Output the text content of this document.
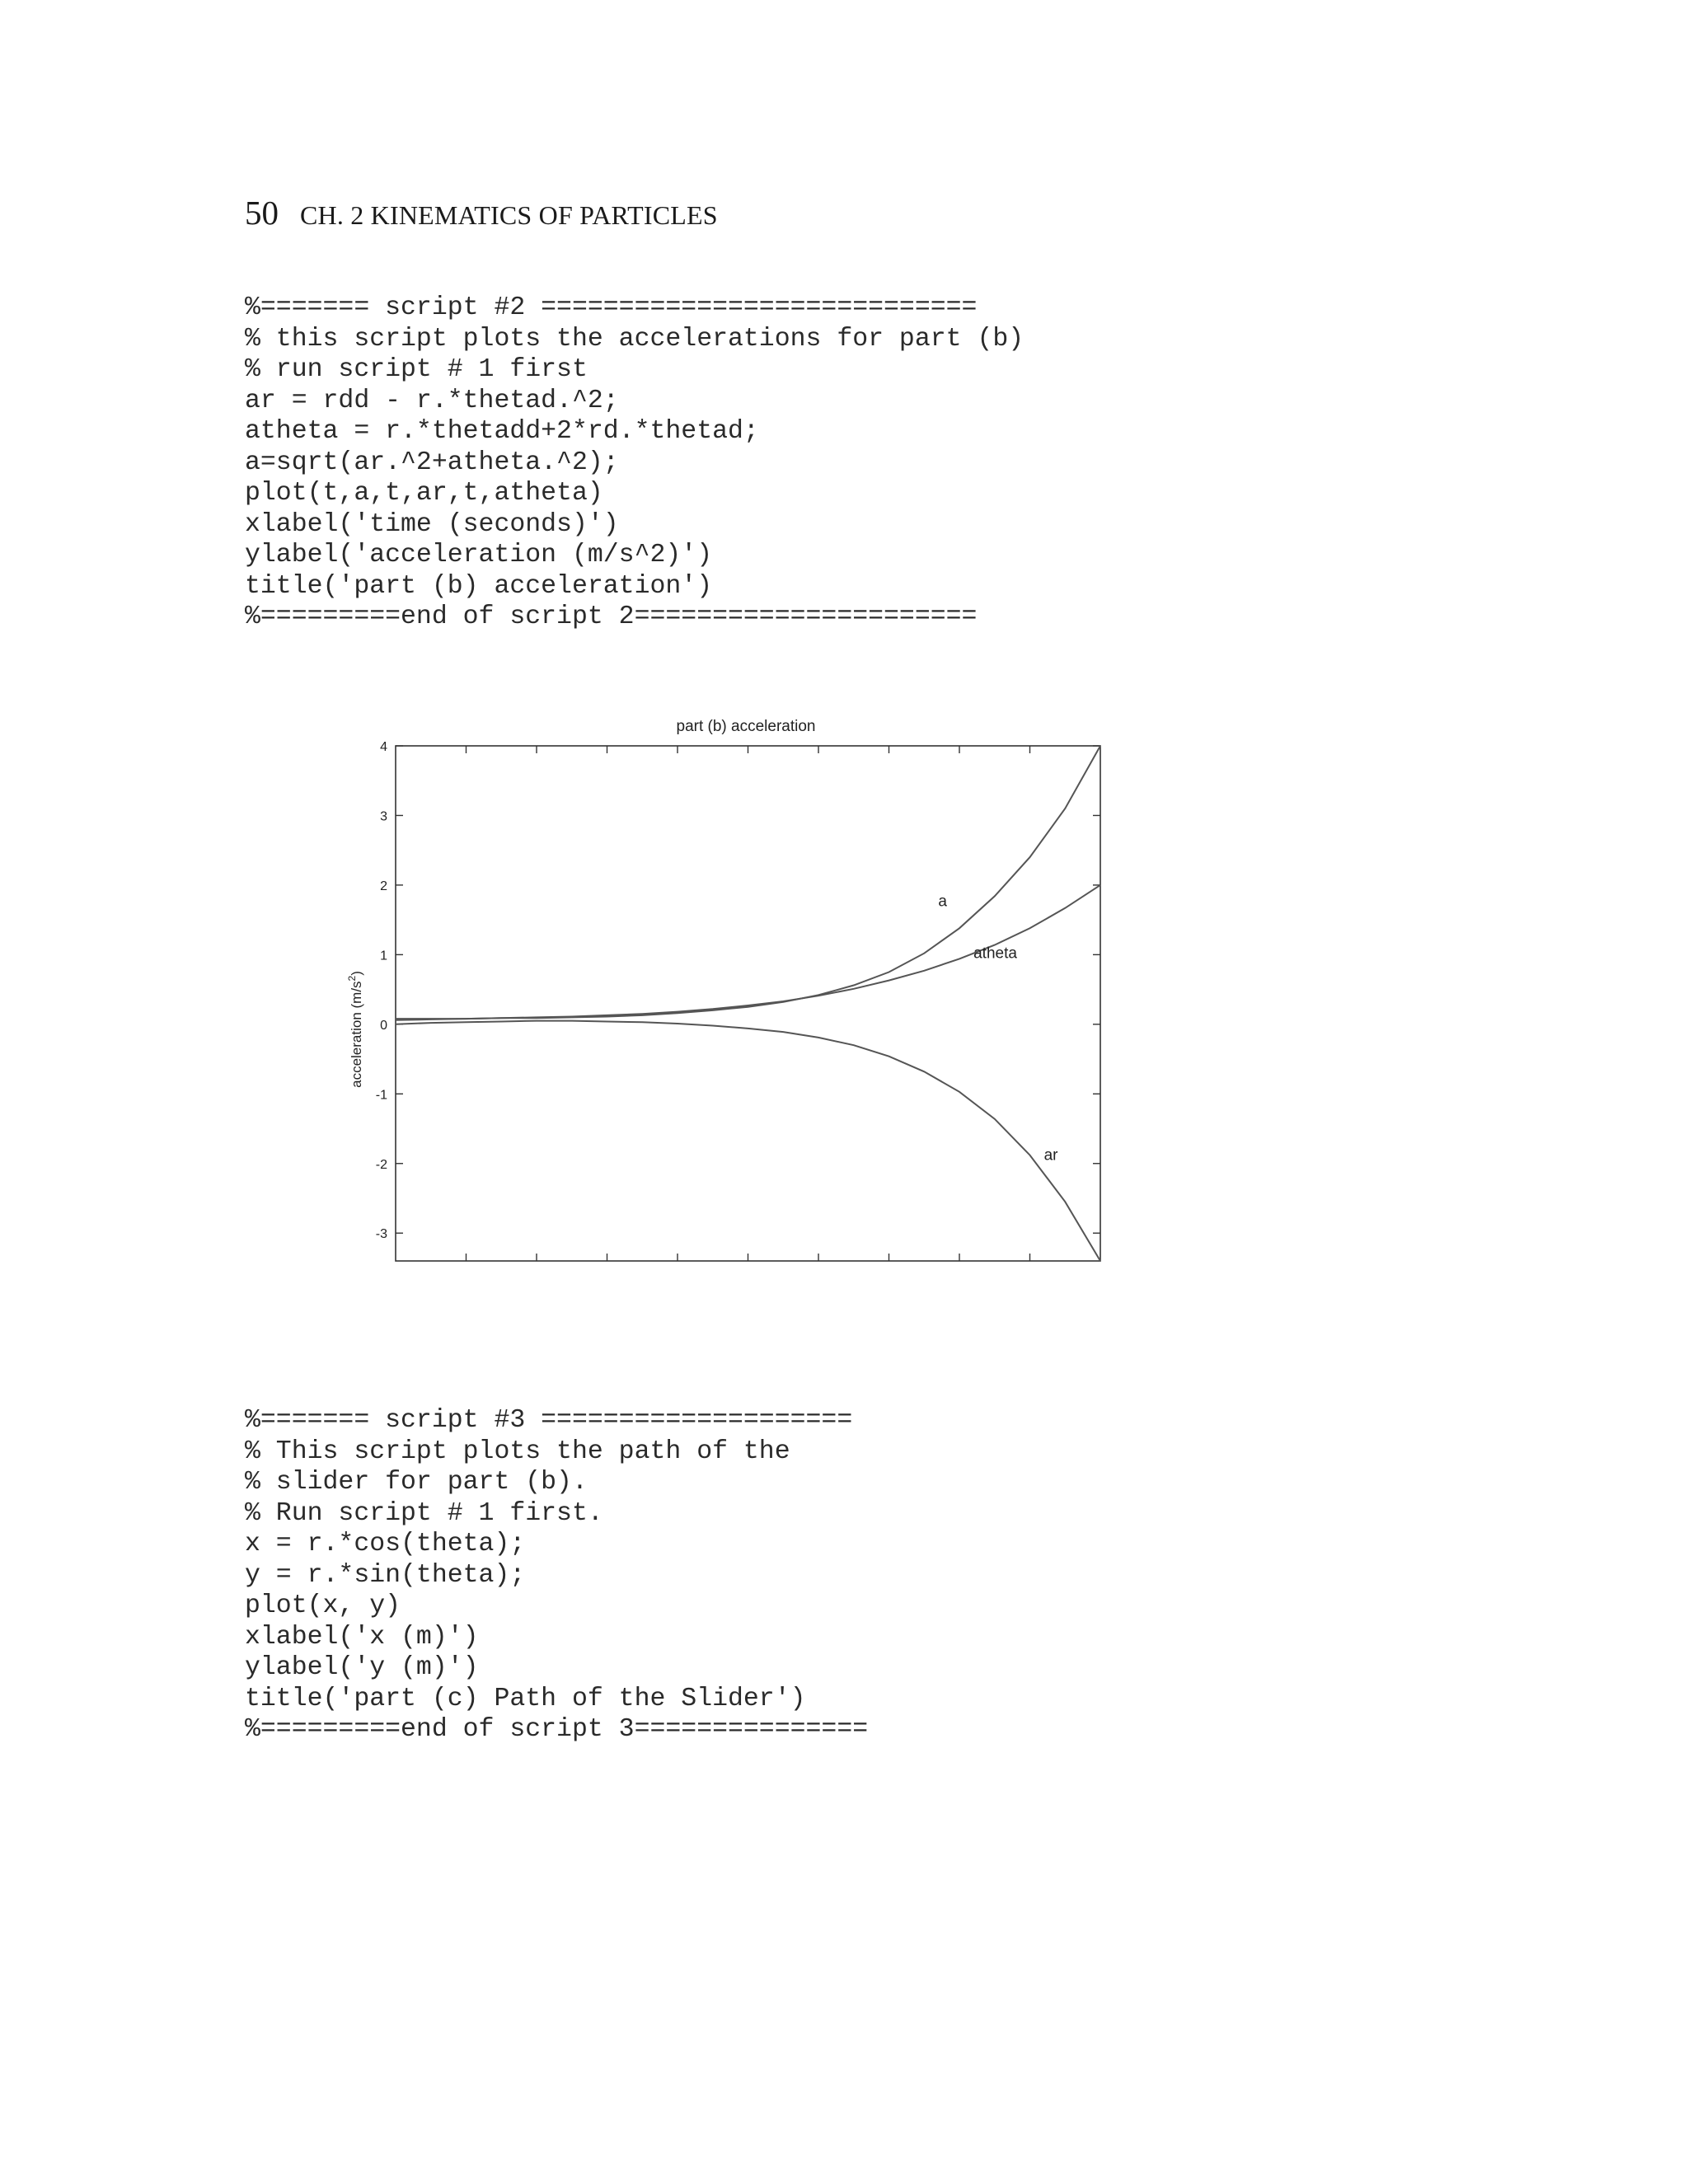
50 CH. 2 KINEMATICS OF PARTICLES
%======= script #2 ============================
% this script plots the accelerations for part (b)
% run script # 1 first
ar = rdd - r.*thetad.^2;
atheta = r.*thetadd+2*rd.*thetad;
a=sqrt(ar.^2+atheta.^2);
plot(t,a,t,ar,t,atheta)
xlabel('time (seconds)')
ylabel('acceleration (m/s^2)')
title('part (b) acceleration')
%=========end of script 2======================
part (b) acceleration
4
3
2
1
0
-1
-2
-3
a
atheta
ar
acceleration $(m/s^2)$
%======= script #3 ====================
% This script plots the path of the
% slider for part (b).
% Run script # 1 first.
x = r.*cos(theta);
y = r.*sin(theta);
plot(x, y)
xlabel('x (m)')
ylabel('y (m)')
title('part (c) Path of the Slider')
%=========end of script 3===============
